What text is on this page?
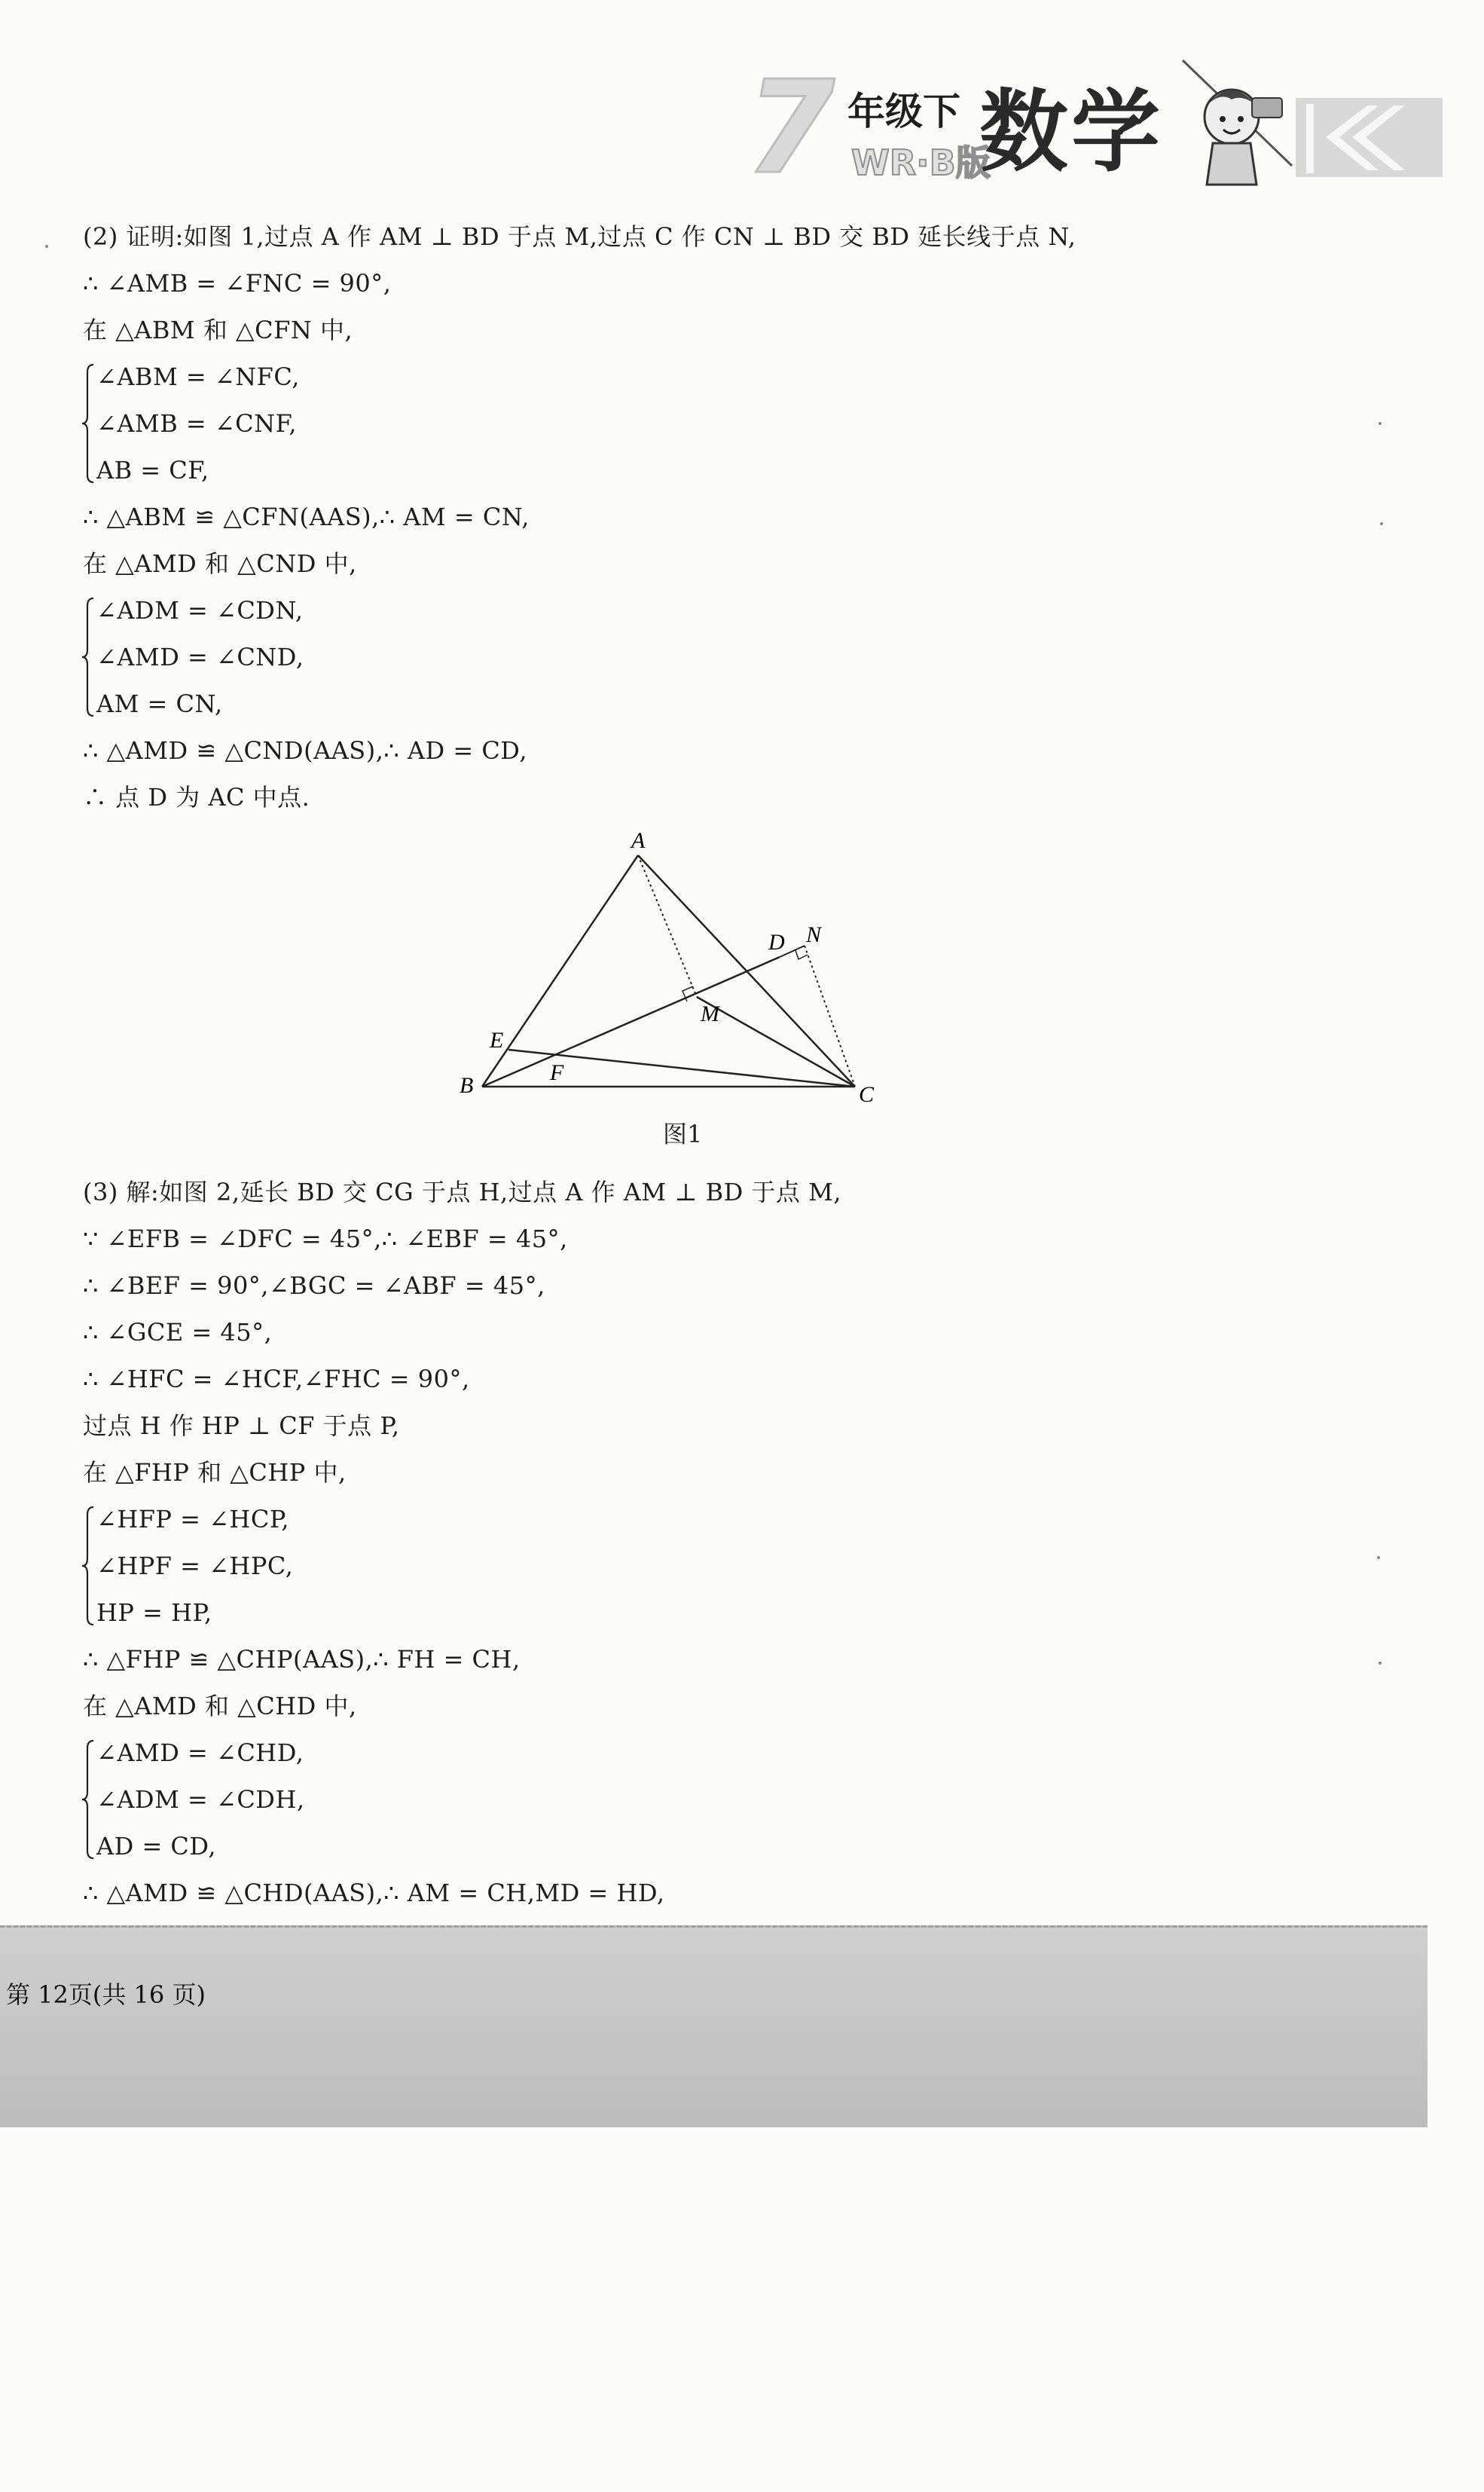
7 年级下
WR·B版
数学
(2) 证明:如图 1,过点 A 作 AM ⊥ BD 于点 M,过点 C 作 CN ⊥ BD 交 BD 延长线于点 N,
∴ ∠AMB = ∠FNC = 90°,
在 △ABM 和 △CFN 中,
∠ABM = ∠NFC,
∠AMB = ∠CNF,
AB = CF,
∴ △ABM ≌ △CFN(AAS),∴ AM = CN,
在 △AMD 和 △CND 中,
∠ADM = ∠CDN,
∠AMD = ∠CND,
AM = CN,
∴ △AMD ≌ △CND(AAS),∴ AD = CD,
∴ 点 D 为 AC 中点.
(3) 解:如图 2,延长 BD 交 CG 于点 H,过点 A 作 AM ⊥ BD 于点 M,
∵ ∠EFB = ∠DFC = 45°,∴ ∠EBF = 45°,
∴ ∠BEF = 90°,∠BGC = ∠ABF = 45°,
∴ ∠GCE = 45°,
∴ ∠HFC = ∠HCF,∠FHC = 90°,
过点 H 作 HP ⊥ CF 于点 P,
在 △FHP 和 △CHP 中,
∠HFP = ∠HCP,
∠HPF = ∠HPC,
HP = HP,
∴ △FHP ≌ △CHP(AAS),∴ FH = CH,
在 △AMD 和 △CHD 中,
∠AMD = ∠CHD,
∠ADM = ∠CDH,
AD = CD,
∴ △AMD ≌ △CHD(AAS),∴ AM = CH,MD = HD,
A
B	C
D
E
F
M
N
图1
第 12页(共 16 页)
